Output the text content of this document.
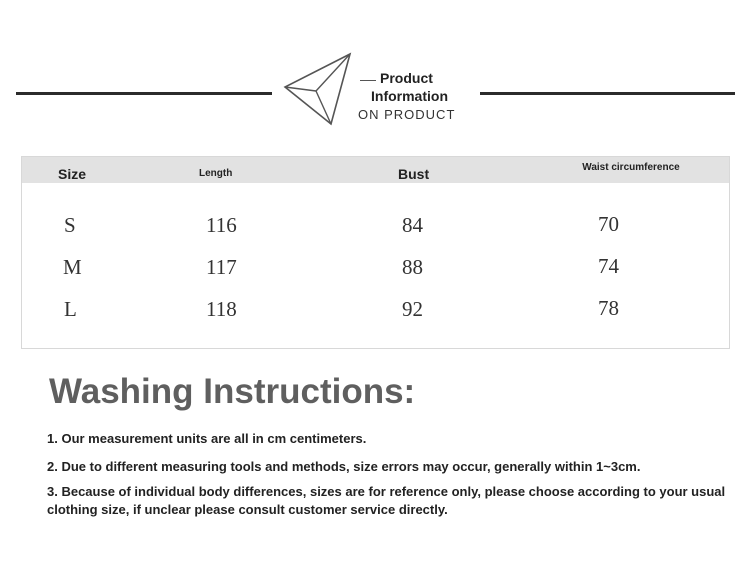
Product
Information
ON PRODUCT
Size	Length	Bust	Waist circumference
S	116	84	70
M	117	88	74
L	118	92	78
Washing Instructions:
1. Our measurement units are all in cm centimeters.
2. Due to different measuring tools and methods, size errors may occur, generally within 1~3cm.
3. Because of individual body differences, sizes are for reference only, please choose according to your usual clothing size, if unclear please consult customer service directly.
